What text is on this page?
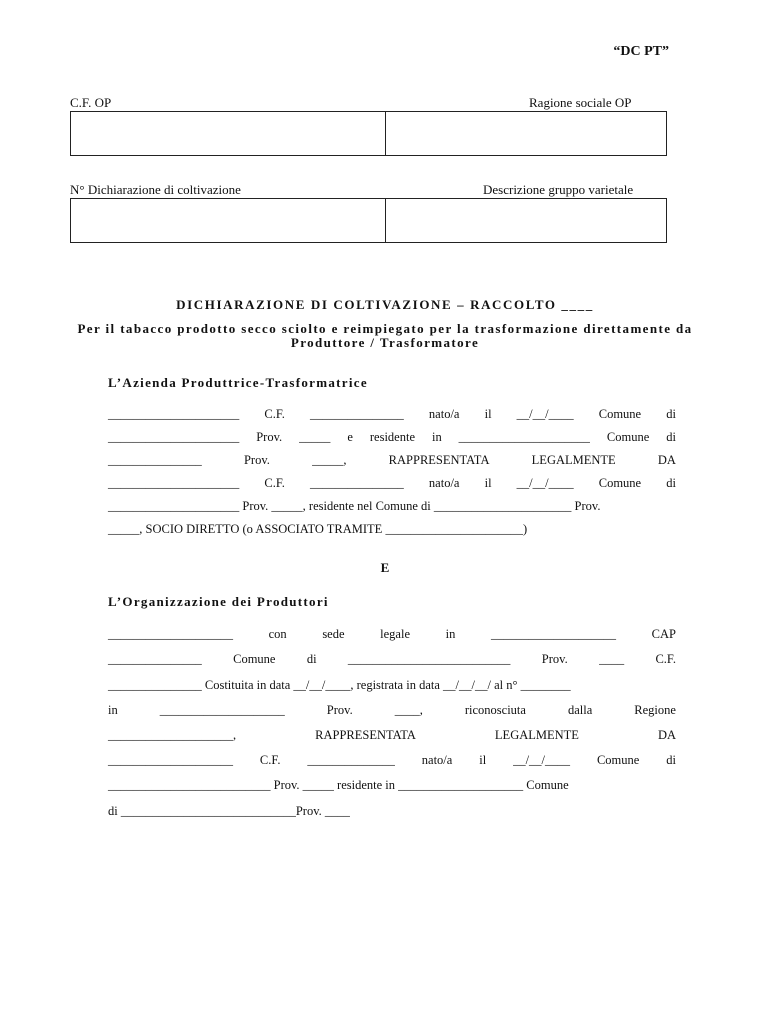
“DC PT”
C.F. OP	Ragione sociale OP
N° Dichiarazione di coltivazione	Descrizione gruppo varietale
DICHIARAZIONE DI COLTIVAZIONE – RACCOLTO ____
Per il tabacco prodotto secco sciolto e reimpiegato per la trasformazione direttamente da Produttore / Trasformatore
L’Azienda Produttrice-Trasformatrice
_____________________ C.F. _______________ nato/a il __/__/____ Comune di
_____________________ Prov. _____ e residente in _____________________ Comune di
_______________	Prov.	_____,	RAPPRESENTATA	LEGALMENTE	DA
_____________________ C.F. _______________ nato/a il __/__/____ Comune di
_____________________ Prov. _____, residente nel Comune di ______________________ Prov.
_____, SOCIO DIRETTO (o ASSOCIATO TRAMITE ______________________)
E
L’Organizzazione dei Produttori
____________________	con	sede	legale	in	____________________	CAP
_______________	Comune	di	__________________________	Prov.	____	C.F.
_______________ Costituita in data __/__/____, registrata in data __/__/__/ al n° ________
in	____________________	Prov.	____,	riconosciuta	dalla	Regione
____________________,	RAPPRESENTATA	LEGALMENTE	DA
____________________ C.F. ______________ nato/a il __/__/____ Comune di
__________________________ Prov. _____ residente in ____________________ Comune
di ____________________________Prov. ____
